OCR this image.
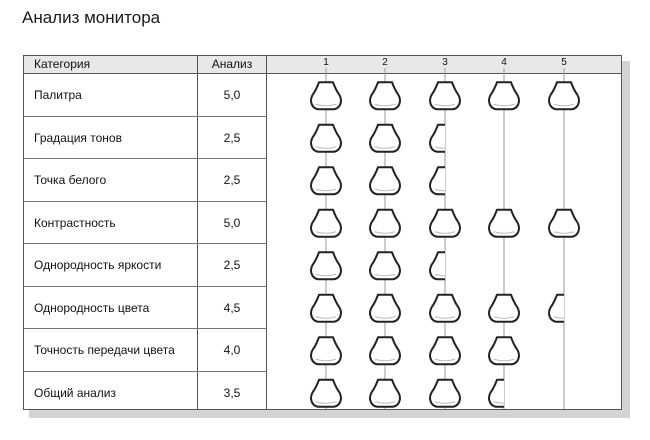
Анализ монитора
Категория	Анализ	1	2	3	4	5
Палитра	5,0
Градация тонов	2,5
Точка белого	2,5
Контрастность	5,0
Однородность яркости	2,5
Однородность цвета	4,5
Точность передачи цвета	4,0
Общий анализ	3,5
